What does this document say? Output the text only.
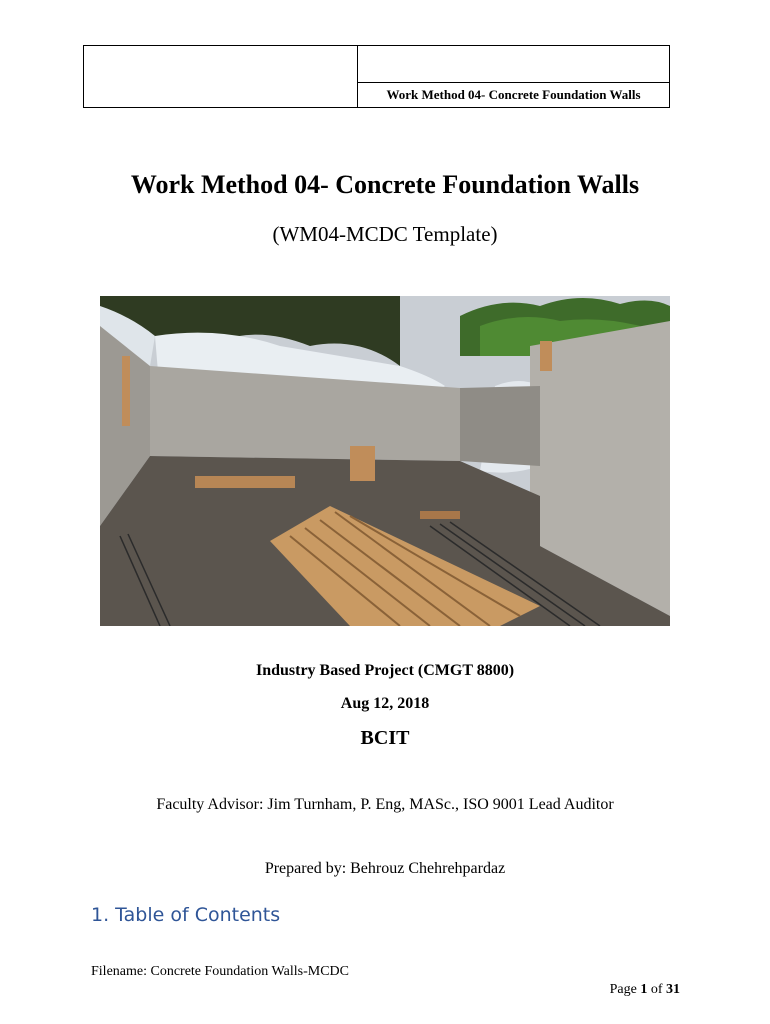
Work Method 04- Concrete Foundation Walls
Work Method 04- Concrete Foundation Walls
(WM04-MCDC Template)
Industry Based Project (CMGT 8800)
Aug 12, 2018
BCIT
Faculty Advisor: Jim Turnham, P. Eng, MASc., ISO 9001 Lead Auditor
Prepared by: Behrouz Chehrehpardaz
1. Table of Contents
Filename: Concrete Foundation Walls-MCDC
Page 1 of 31
